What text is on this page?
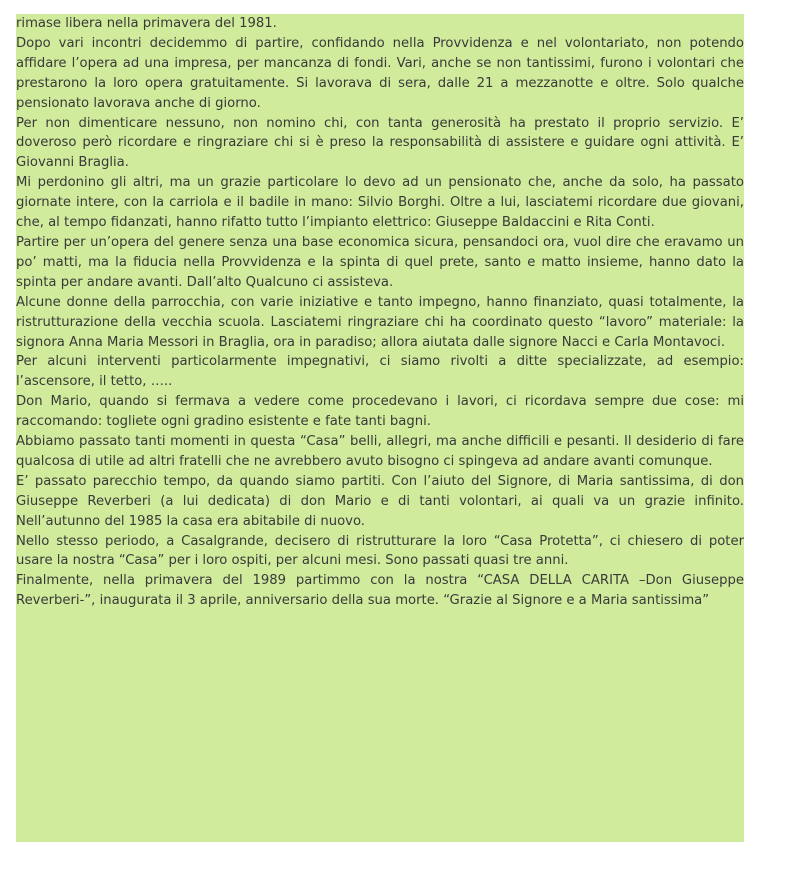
rimase libera nella primavera del 1981.

Dopo vari incontri decidemmo di partire, confidando nella Provvidenza e nel volontariato, non potendo affidare l’opera ad una impresa, per mancanza di fondi. Vari, anche se non tantissimi, furono i volontari che prestarono la loro opera gratuitamente. Si lavorava di sera, dalle 21 a mezzanotte e oltre. Solo qualche pensionato lavorava anche di giorno.

Per non dimenticare nessuno, non nomino chi, con tanta generosità ha prestato il proprio servizio. E’ doveroso però ricordare e ringraziare chi si è preso la responsabilità di assistere e guidare ogni attività. E’ Giovanni Braglia.

Mi perdonino gli altri, ma un grazie particolare lo devo ad un pensionato che, anche da solo, ha passato giornate intere, con la carriola e il badile in mano: Silvio Borghi. Oltre a lui, lasciatemi ricordare due giovani, che, al tempo fidanzati, hanno rifatto tutto l’impianto elettrico: Giuseppe Baldaccini e Rita Conti.

Partire per un’opera del genere senza una base economica sicura, pensandoci ora, vuol dire che eravamo un po’ matti, ma la fiducia nella Provvidenza e la spinta di quel prete, santo e matto insieme, hanno dato la spinta per andare avanti. Dall’alto Qualcuno ci assisteva.

Alcune donne della parrocchia, con varie iniziative e tanto impegno, hanno finanziato, quasi totalmente, la ristrutturazione della vecchia scuola. Lasciatemi ringraziare chi ha coordinato questo “lavoro” materiale: la signora Anna Maria Messori in Braglia, ora in paradiso; allora aiutata dalle signore Nacci e Carla Montavoci.

Per alcuni interventi particolarmente impegnativi, ci siamo rivolti a ditte specializzate, ad esempio: l’ascensore, il tetto, …..

Don Mario, quando si fermava a vedere come procedevano i lavori, ci ricordava sempre due cose: mi raccomando: togliete ogni gradino esistente e fate tanti bagni.

Abbiamo passato tanti momenti in questa “Casa” belli, allegri, ma anche difficili e pesanti. Il desiderio di fare qualcosa di utile ad altri fratelli che ne avrebbero avuto bisogno ci spingeva ad andare avanti comunque.

E’ passato parecchio tempo, da quando siamo partiti. Con l’aiuto del Signore, di Maria santissima, di don Giuseppe Reverberi (a lui dedicata) di don Mario e di tanti volontari, ai quali va un grazie infinito. Nell’autunno del 1985 la casa era abitabile di nuovo.

Nello stesso periodo, a Casalgrande, decisero di ristrutturare la loro “Casa Protetta”, ci chiesero di poter usare la nostra “Casa” per i loro ospiti, per alcuni mesi. Sono passati quasi tre anni.

Finalmente, nella primavera del 1989 partimmo con la nostra “CASA DELLA CARITA –Don Giuseppe Reverberi-”, inaugurata il 3 aprile, anniversario della sua morte. “Grazie al Signore e a Maria santissima”
